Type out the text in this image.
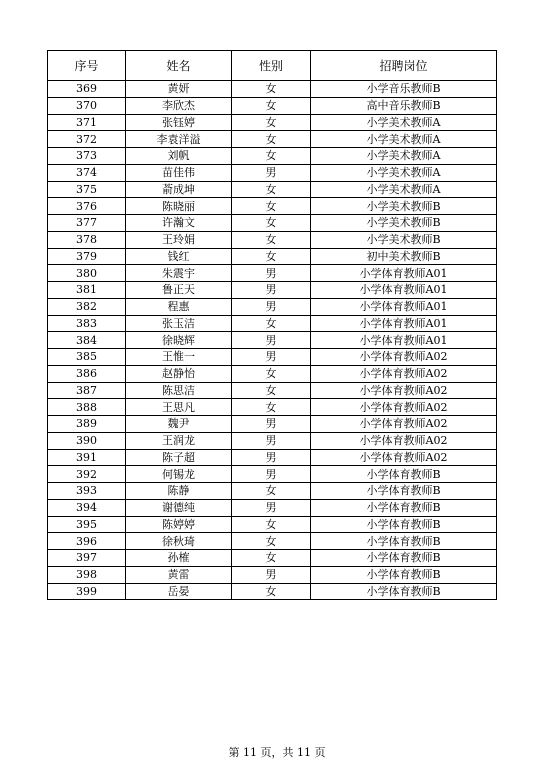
序号	姓名	性别	招聘岗位
369	黄妍	女	小学音乐教师B
370	李欣杰	女	高中音乐教师B
371	张钰婷	女	小学美术教师A
372	李袁洋溢	女	小学美术教师A
373	刘帆	女	小学美术教师A
374	苗佳伟	男	小学美术教师A
375	萮成坤	女	小学美术教师A
376	陈晓丽	女	小学美术教师B
377	许瀚文	女	小学美术教师B
378	王玲娟	女	小学美术教师B
379	钱红	女	初中美术教师B
380	朱震宇	男	小学体育教师A01
381	鲁正天	男	小学体育教师A01
382	程惠	男	小学体育教师A01
383	张玉洁	女	小学体育教师A01
384	徐晓辉	男	小学体育教师A01
385	王惟一	男	小学体育教师A02
386	赵静怡	女	小学体育教师A02
387	陈思洁	女	小学体育教师A02
388	王思凡	女	小学体育教师A02
389	魏尹	男	小学体育教师A02
390	王润龙	男	小学体育教师A02
391	陈子超	男	小学体育教师A02
392	何锡龙	男	小学体育教师B
393	陈静	女	小学体育教师B
394	谢德纯	男	小学体育教师B
395	陈婷婷	女	小学体育教师B
396	徐秋琦	女	小学体育教师B
397	孙榷	女	小学体育教师B
398	黄雷	男	小学体育教师B
399	岳晏	女	小学体育教师B
第 11 页，共 11 页
